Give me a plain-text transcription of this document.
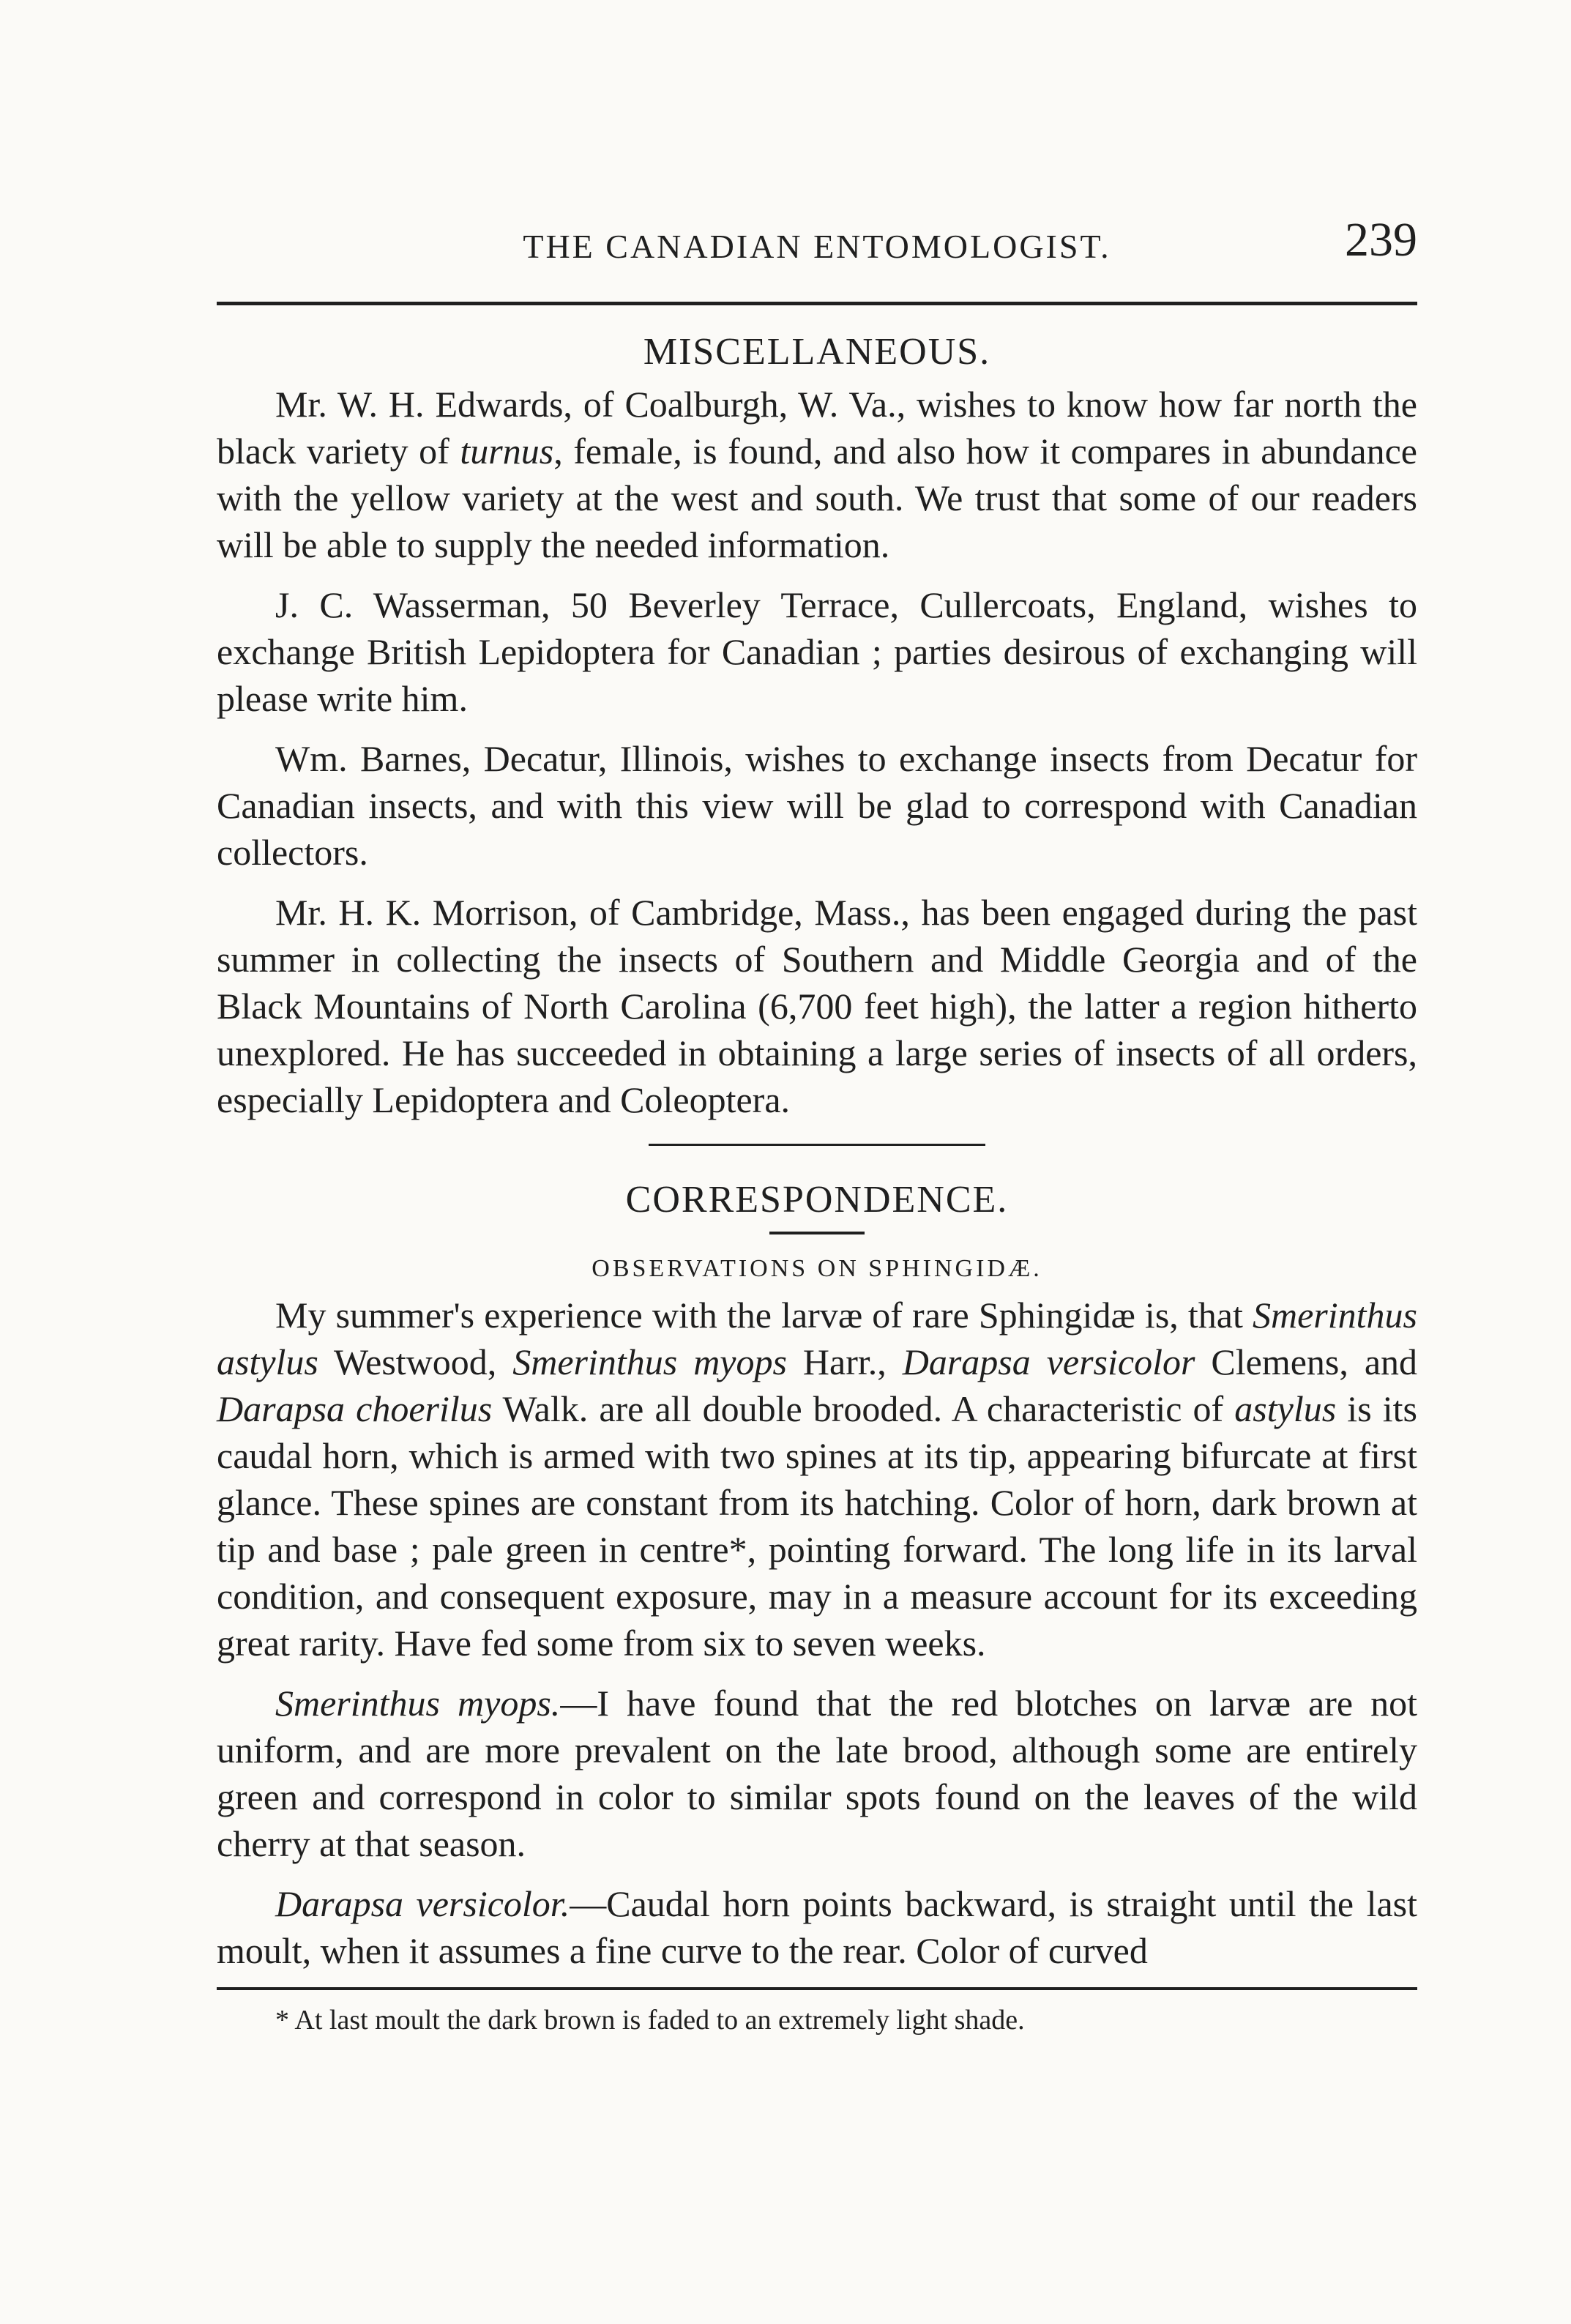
THE CANADIAN ENTOMOLOGIST.	239
MISCELLANEOUS.

Mr. W. H. Edwards, of Coalburgh, W. Va., wishes to know how far north the black variety of turnus, female, is found, and also how it compares in abundance with the yellow variety at the west and south. We trust that some of our readers will be able to supply the needed information.

J. C. Wasserman, 50 Beverley Terrace, Cullercoats, England, wishes to exchange British Lepidoptera for Canadian ; parties desirous of exchanging will please write him.

Wm. Barnes, Decatur, Illinois, wishes to exchange insects from Decatur for Canadian insects, and with this view will be glad to correspond with Canadian collectors.

Mr. H. K. Morrison, of Cambridge, Mass., has been engaged during the past summer in collecting the insects of Southern and Middle Georgia and of the Black Mountains of North Carolina (6,700 feet high), the latter a region hitherto unexplored. He has succeeded in obtaining a large series of insects of all orders, especially Lepidoptera and Coleoptera.

CORRESPONDENCE.
OBSERVATIONS ON SPHINGIDÆ.

My summer's experience with the larvæ of rare Sphingidæ is, that Smerinthus astylus Westwood, Smerinthus myops Harr., Darapsa versicolor Clemens, and Darapsa choerilus Walk. are all double brooded. A characteristic of astylus is its caudal horn, which is armed with two spines at its tip, appearing bifurcate at first glance. These spines are constant from its hatching. Color of horn, dark brown at tip and base ; pale green in centre*, pointing forward. The long life in its larval condition, and consequent exposure, may in a measure account for its exceeding great rarity. Have fed some from six to seven weeks.

Smerinthus myops.—I have found that the red blotches on larvæ are not uniform, and are more prevalent on the late brood, although some are entirely green and correspond in color to similar spots found on the leaves of the wild cherry at that season.

Darapsa versicolor.—Caudal horn points backward, is straight until the last moult, when it assumes a fine curve to the rear. Color of curved

* At last moult the dark brown is faded to an extremely light shade.
